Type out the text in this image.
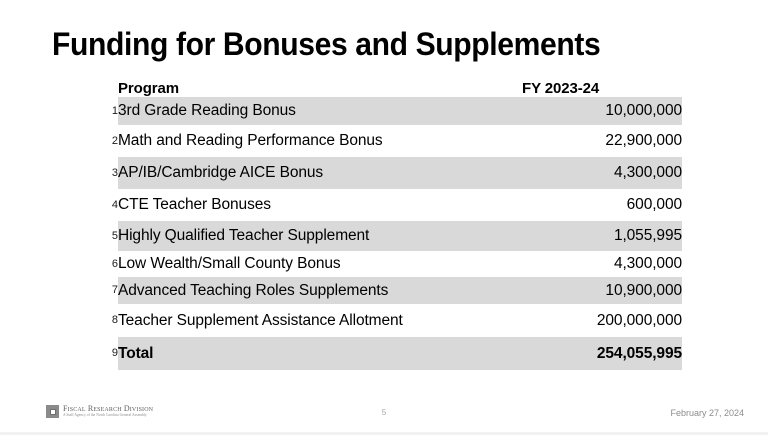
Funding for Bonuses and Supplements
	Program	FY 2023-24
1	3rd Grade Reading Bonus	10,000,000
2	Math and Reading Performance Bonus	22,900,000
3	AP/IB/Cambridge AICE Bonus	4,300,000
4	CTE Teacher Bonuses	600,000
5	Highly Qualified Teacher Supplement	1,055,995
6	Low Wealth/Small County Bonus	4,300,000
7	Advanced Teaching Roles Supplements	10,900,000
8	Teacher Supplement Assistance Allotment	200,000,000
9	Total	254,055,995
Fiscal Research Division
A Staff Agency of the North Carolina General Assembly	5	February 27, 2024
